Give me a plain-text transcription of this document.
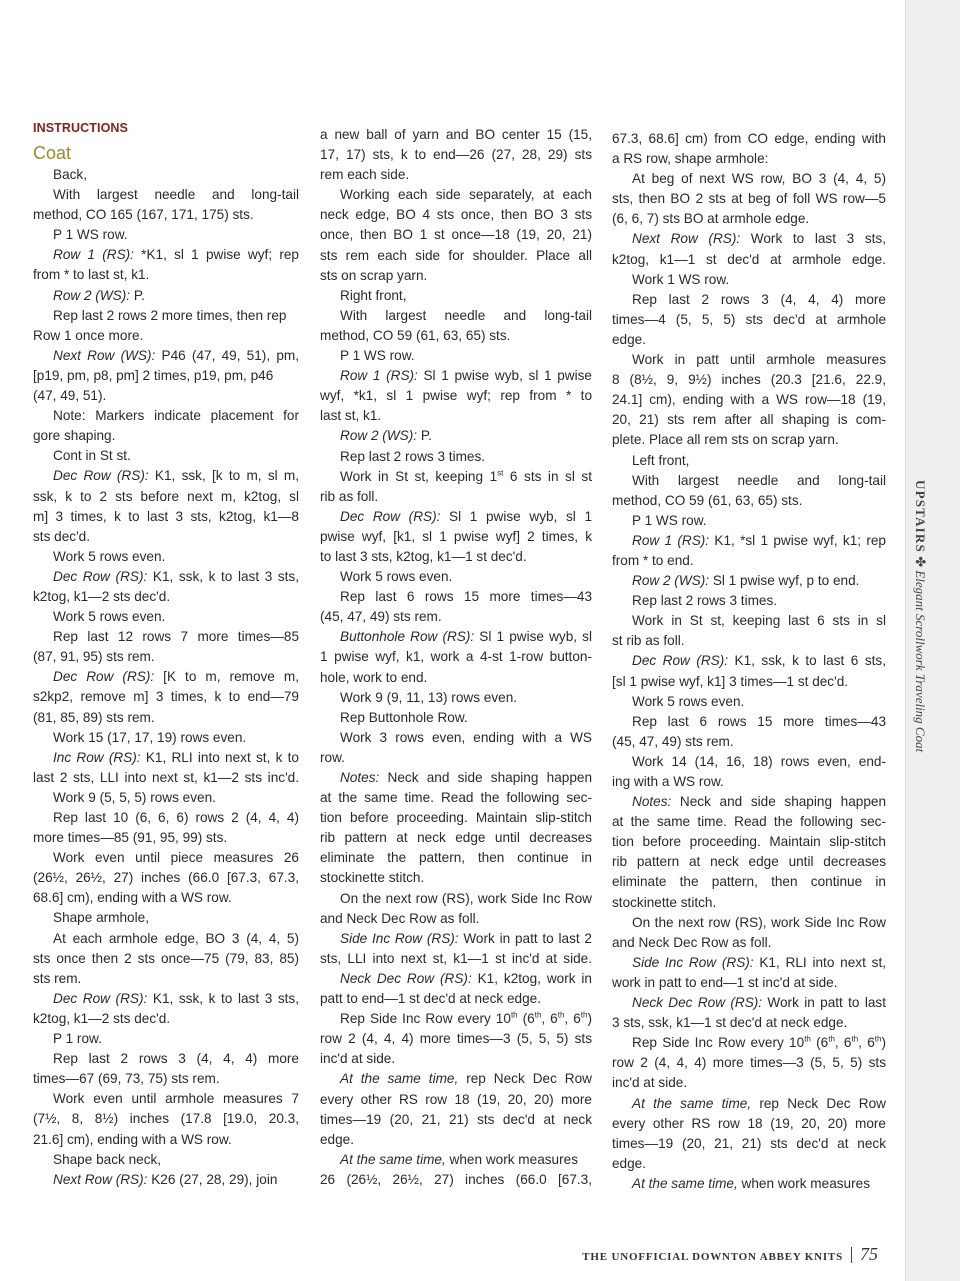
INSTRUCTIONS
Coat
Back,
With largest needle and long-tail
method, CO 165 (167, 171, 175) sts.
P 1 WS row.
Row 1 (RS): *K1, sl 1 pwise wyf; rep
from * to last st, k1.
Row 2 (WS): P.
Rep last 2 rows 2 more times, then rep
Row 1 once more.
Next Row (WS): P46 (47, 49, 51), pm,
[p19, pm, p8, pm] 2 times, p19, pm, p46
(47, 49, 51).
Note: Markers indicate placement for
gore shaping.
Cont in St st.
Dec Row (RS): K1, ssk, [k to m, sl m,
ssk, k to 2 sts before next m, k2tog, sl
m] 3 times, k to last 3 sts, k2tog, k1—8
sts dec'd.
Work 5 rows even.
Dec Row (RS): K1, ssk, k to last 3 sts,
k2tog, k1—2 sts dec'd.
Work 5 rows even.
Rep last 12 rows 7 more times—85
(87, 91, 95) sts rem.
Dec Row (RS): [K to m, remove m,
s2kp2, remove m] 3 times, k to end—79
(81, 85, 89) sts rem.
Work 15 (17, 17, 19) rows even.
Inc Row (RS): K1, RLI into next st, k to
last 2 sts, LLI into next st, k1—2 sts inc'd.
Work 9 (5, 5, 5) rows even.
Rep last 10 (6, 6, 6) rows 2 (4, 4, 4)
more times—85 (91, 95, 99) sts.
Work even until piece measures 26
(26½, 26½, 27) inches (66.0 [67.3, 67.3,
68.6] cm), ending with a WS row.
Shape armhole,
At each armhole edge, BO 3 (4, 4, 5)
sts once then 2 sts once—75 (79, 83, 85)
sts rem.
Dec Row (RS): K1, ssk, k to last 3 sts,
k2tog, k1—2 sts dec'd.
P 1 row.
Rep last 2 rows 3 (4, 4, 4) more
times—67 (69, 73, 75) sts rem.
Work even until armhole measures 7
(7½, 8, 8½) inches (17.8 [19.0, 20.3,
21.6] cm), ending with a WS row.
Shape back neck,
Next Row (RS): K26 (27, 28, 29), join
a new ball of yarn and BO center 15 (15,
17, 17) sts, k to end—26 (27, 28, 29) sts
rem each side.
Working each side separately, at each
neck edge, BO 4 sts once, then BO 3 sts
once, then BO 1 st once—18 (19, 20, 21)
sts rem each side for shoulder. Place all
sts on scrap yarn.
Right front,
With largest needle and long-tail
method, CO 59 (61, 63, 65) sts.
P 1 WS row.
Row 1 (RS): Sl 1 pwise wyb, sl 1 pwise
wyf, *k1, sl 1 pwise wyf; rep from * to
last st, k1.
Row 2 (WS): P.
Rep last 2 rows 3 times.
Work in St st, keeping 1st 6 sts in sl st
rib as foll.
Dec Row (RS): Sl 1 pwise wyb, sl 1
pwise wyf, [k1, sl 1 pwise wyf] 2 times, k
to last 3 sts, k2tog, k1—1 st dec'd.
Work 5 rows even.
Rep last 6 rows 15 more times—43
(45, 47, 49) sts rem.
Buttonhole Row (RS): Sl 1 pwise wyb, sl
1 pwise wyf, k1, work a 4-st 1-row button-
hole, work to end.
Work 9 (9, 11, 13) rows even.
Rep Buttonhole Row.
Work 3 rows even, ending with a WS
row.
Notes: Neck and side shaping happen
at the same time. Read the following sec-
tion before proceeding. Maintain slip-stitch
rib pattern at neck edge until decreases
eliminate the pattern, then continue in
stockinette stitch.
On the next row (RS), work Side Inc Row
and Neck Dec Row as foll.
Side Inc Row (RS): Work in patt to last 2
sts, LLI into next st, k1—1 st inc'd at side.
Neck Dec Row (RS): K1, k2tog, work in
patt to end—1 st dec'd at neck edge.
Rep Side Inc Row every 10th (6th, 6th, 6th)
row 2 (4, 4, 4) more times—3 (5, 5, 5) sts
inc'd at side.
At the same time, rep Neck Dec Row
every other RS row 18 (19, 20, 20) more
times—19 (20, 21, 21) sts dec'd at neck
edge.
At the same time, when work measures
26 (26½, 26½, 27) inches (66.0 [67.3,
67.3, 68.6] cm) from CO edge, ending with
a RS row, shape armhole:
At beg of next WS row, BO 3 (4, 4, 5)
sts, then BO 2 sts at beg of foll WS row—5
(6, 6, 7) sts BO at armhole edge.
Next Row (RS): Work to last 3 sts,
k2tog, k1—1 st dec'd at armhole edge.
Work 1 WS row.
Rep last 2 rows 3 (4, 4, 4) more
times—4 (5, 5, 5) sts dec'd at armhole
edge.
Work in patt until armhole measures
8 (8½, 9, 9½) inches (20.3 [21.6, 22.9,
24.1] cm), ending with a WS row—18 (19,
20, 21) sts rem after all shaping is com-
plete. Place all rem sts on scrap yarn.
Left front,
With largest needle and long-tail
method, CO 59 (61, 63, 65) sts.
P 1 WS row.
Row 1 (RS): K1, *sl 1 pwise wyf, k1; rep
from * to end.
Row 2 (WS): Sl 1 pwise wyf, p to end.
Rep last 2 rows 3 times.
Work in St st, keeping last 6 sts in sl
st rib as foll.
Dec Row (RS): K1, ssk, k to last 6 sts,
[sl 1 pwise wyf, k1] 3 times—1 st dec'd.
Work 5 rows even.
Rep last 6 rows 15 more times—43
(45, 47, 49) sts rem.
Work 14 (14, 16, 18) rows even, end-
ing with a WS row.
Notes: Neck and side shaping happen
at the same time. Read the following sec-
tion before proceeding. Maintain slip-stitch
rib pattern at neck edge until decreases
eliminate the pattern, then continue in
stockinette stitch.
On the next row (RS), work Side Inc Row
and Neck Dec Row as foll.
Side Inc Row (RS): K1, RLI into next st,
work in patt to end—1 st inc'd at side.
Neck Dec Row (RS): Work in patt to last
3 sts, ssk, k1—1 st dec'd at neck edge.
Rep Side Inc Row every 10th (6th, 6th, 6th)
row 2 (4, 4, 4) more times—3 (5, 5, 5) sts
inc'd at side.
At the same time, rep Neck Dec Row
every other RS row 18 (19, 20, 20) more
times—19 (20, 21, 21) sts dec'd at neck
edge.
At the same time, when work measures
UPSTAIRS ✤ Elegant Scrollwork Traveling Coat
THE UNOFFICIAL DOWNTON ABBEY KNITS 75
